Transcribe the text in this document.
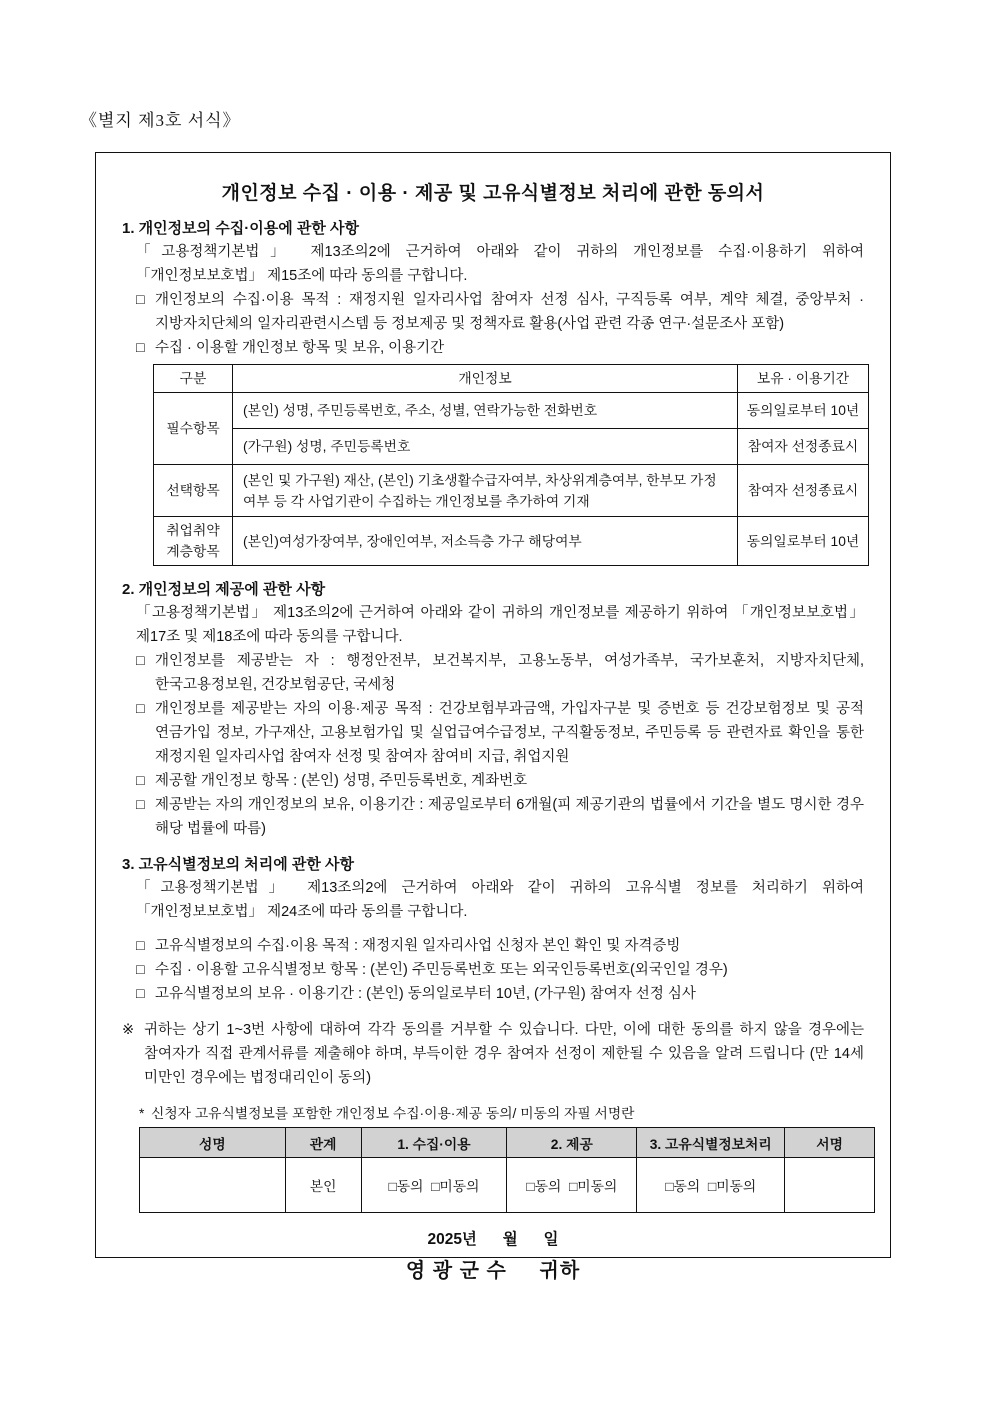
《별지 제3호 서식》
개인정보 수집 · 이용 · 제공 및 고유식별정보 처리에 관한 동의서
1. 개인정보의 수집·이용에 관한 사항
「고용정책기본법」 제13조의2에 근거하여 아래와 같이 귀하의 개인정보를 수집·이용하기 위하여 「개인정보보호법」 제15조에 따라 동의를 구합니다.
□ 개인정보의 수집·이용 목적 : 재정지원 일자리사업 참여자 선정 심사, 구직등록 여부, 계약 체결, 중앙부처 · 지방자치단체의 일자리관련시스템 등 정보제공 및 정책자료 활용(사업 관련 각종 연구·설문조사 포함)
□ 수집 · 이용할 개인정보 항목 및 보유, 이용기간
구분	개인정보	보유 · 이용기간
필수항목	(본인) 성명, 주민등록번호, 주소, 성별, 연락가능한 전화번호	동의일로부터 10년
	(가구원) 성명, 주민등록번호	참여자 선정종료시
선택항목	(본인 및 가구원) 재산, (본인) 기초생활수급자여부, 차상위계층여부, 한부모 가정여부 등 각 사업기관이 수집하는 개인정보를 추가하여 기재	참여자 선정종료시
취업취약 계층항목	(본인)여성가장여부, 장애인여부, 저소득층 가구 해당여부	동의일로부터 10년
2. 개인정보의 제공에 관한 사항
「고용정책기본법」 제13조의2에 근거하여 아래와 같이 귀하의 개인정보를 제공하기 위하여 「개인정보보호법」 제17조 및 제18조에 따라 동의를 구합니다.
□ 개인정보를 제공받는 자 : 행정안전부, 보건복지부, 고용노동부, 여성가족부, 국가보훈처, 지방자치단체, 한국고용정보원, 건강보험공단, 국세청
□ 개인정보를 제공받는 자의 이용·제공 목적 : 건강보험부과금액, 가입자구분 및 증번호 등 건강보험정보 및 공적 연금가입 정보, 가구재산, 고용보험가입 및 실업급여수급정보, 구직활동정보, 주민등록 등 관련자료 확인을 통한 재정지원 일자리사업 참여자 선정 및 참여자 참여비 지급, 취업지원
□ 제공할 개인정보 항목 : (본인) 성명, 주민등록번호, 계좌번호
□ 제공받는 자의 개인정보의 보유, 이용기간 : 제공일로부터 6개월(피 제공기관의 법률에서 기간을 별도 명시한 경우 해당 법률에 따름)
3. 고유식별정보의 처리에 관한 사항
「고용정책기본법」 제13조의2에 근거하여 아래와 같이 귀하의 고유식별 정보를 처리하기 위하여 「개인정보보호법」 제24조에 따라 동의를 구합니다.
□ 고유식별정보의 수집·이용 목적 : 재정지원 일자리사업 신청자 본인 확인 및 자격증빙
□ 수집 · 이용할 고유식별정보 항목 : (본인) 주민등록번호 또는 외국인등록번호(외국인일 경우)
□ 고유식별정보의 보유 · 이용기간 : (본인) 동의일로부터 10년, (가구원) 참여자 선정 심사
※ 귀하는 상기 1~3번 사항에 대하여 각각 동의를 거부할 수 있습니다. 다만, 이에 대한 동의를 하지 않을 경우에는 참여자가 직접 관계서류를 제출해야 하며, 부득이한 경우 참여자 선정이 제한될 수 있음을 알려 드립니다 (만 14세 미만인 경우에는 법정대리인이 동의)
* 신청자 고유식별정보를 포함한 개인정보 수집·이용·제공 동의/ 미동의 자필 서명란
성명	관계	1. 수집·이용	2. 제공	3. 고유식별정보처리	서명
	본인	□동의  □미동의	□동의  □미동의	□동의  □미동의	
2025년      월      일
영 광 군 수     귀하
